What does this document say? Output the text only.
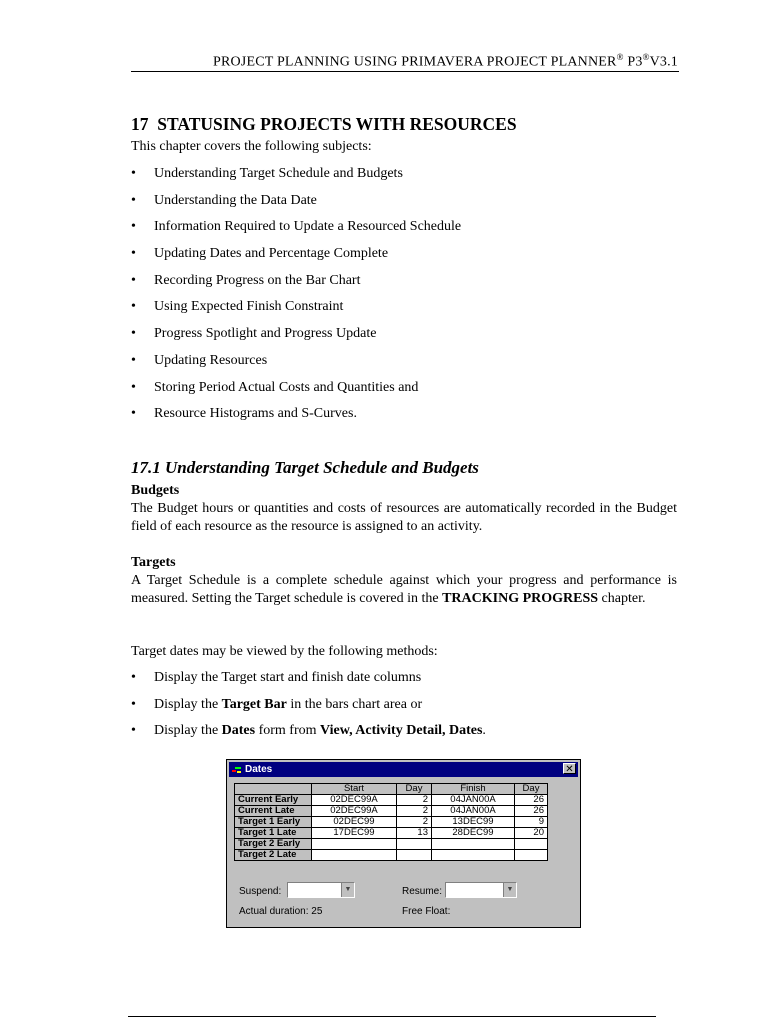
PROJECT PLANNING USING PRIMAVERA PROJECT PLANNER® P3®V3.1
17  STATUSING PROJECTS WITH RESOURCES
This chapter covers the following subjects:
• Understanding Target Schedule and Budgets
• Understanding the Data Date
• Information Required to Update a Resourced Schedule
• Updating Dates and Percentage Complete
• Recording Progress on the Bar Chart
• Using Expected Finish Constraint
• Progress Spotlight and Progress Update
• Updating Resources
• Storing Period Actual Costs and Quantities and
• Resource Histograms and S-Curves.
17.1 Understanding Target Schedule and Budgets
Budgets
The Budget hours or quantities and costs of resources are automatically recorded in the Budget field of each resource as the resource is assigned to an activity.
Targets
A Target Schedule is a complete schedule against which your progress and performance is measured. Setting the Target schedule is covered in the TRACKING PROGRESS chapter.
Target dates may be viewed by the following methods:
• Display the Target start and finish date columns
• Display the Target Bar in the bars chart area or
• Display the Dates form from View, Activity Detail, Dates.
Dates	✕
	Start	Day	Finish	Day
Current Early	02DEC99A	2	04JAN00A	26
Current Late	02DEC99A	2	04JAN00A	26
Target 1 Early	02DEC99	2	13DEC99	9
Target 1 Late	17DEC99	13	28DEC99	20
Target 2 Early				
Target 2 Late				
Suspend:	▼	Resume:	▼
Actual duration: 25	Free Float:
